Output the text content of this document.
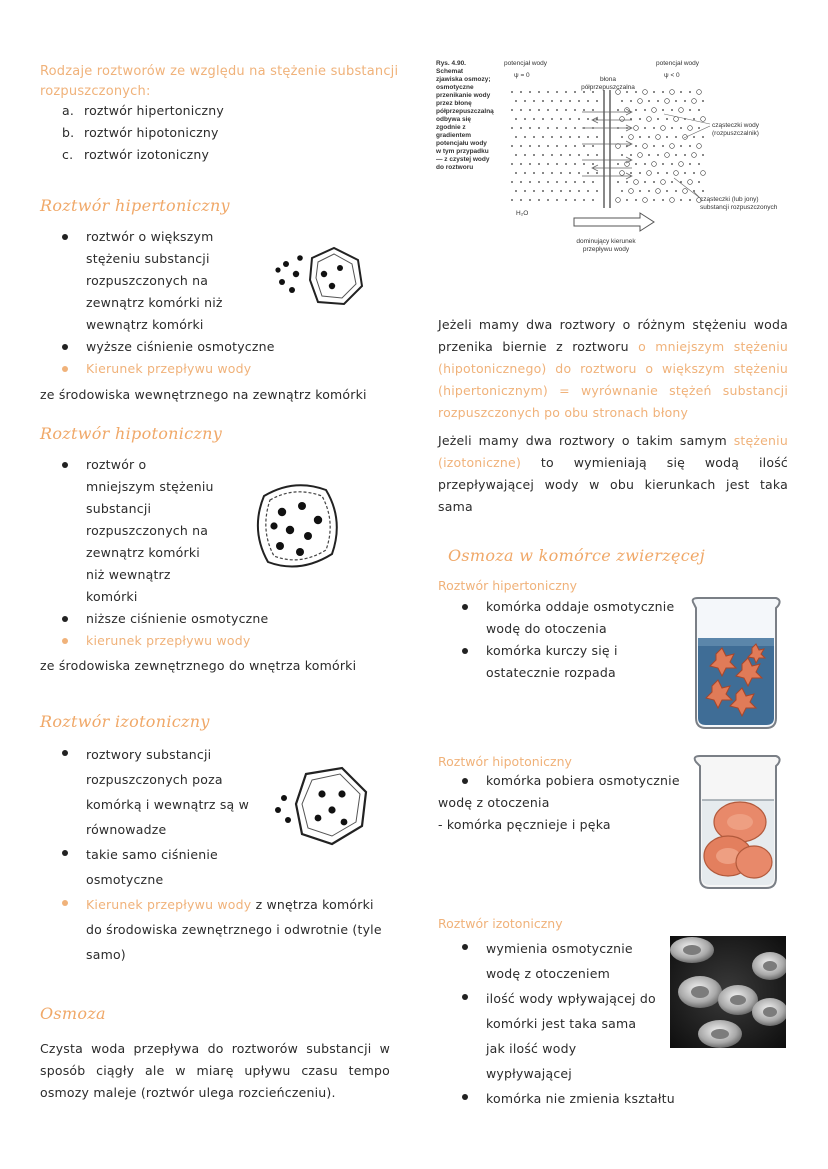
Rodzaje roztworów ze względu na stężenie substancji rozpuszczonych:
a. roztwór hipertoniczny
b. roztwór hipotoniczny
c. roztwór izotoniczny
Roztwór hipertoniczny
roztwór o większym
stężeniu substancji
rozpuszczonych na
zewnątrz komórki niż
wewnątrz komórki
wyższe ciśnienie osmotyczne
Kierunek przepływu wody
ze środowiska wewnętrznego na zewnątrz komórki
Roztwór hipotoniczny
roztwór o
mniejszym stężeniu
substancji
rozpuszczonych na
zewnątrz komórki
niż wewnątrz
komórki
niższe ciśnienie osmotyczne
kierunek przepływu wody
ze środowiska zewnętrznego do wnętrza komórki
Roztwór izotoniczny
roztwory substancji
rozpuszczonych poza
komórką i wewnątrz są w
równowadze
takie samo ciśnienie
osmotyczne
Kierunek przepływu wody z wnętrza komórki
do środowiska zewnętrznego i odwrotnie (tyle
samo)
Osmoza
Czysta woda przepływa do roztworów substancji w
sposób ciągły ale w miarę upływu czasu tempo
osmozy maleje (roztwór ulega rozcieńczeniu).
Rys. 4.90.
Schemat
zjawiska osmozy;
osmotyczne
przenikanie wody
przez błonę
półprzepuszczalną
odbywa się
zgodnie z
gradientem
potencjału wody
w tym przypadku
— z czystej wody
do roztworu
potencjał wody
ψ = 0
błona
półprzepuszczalna
potencjał wody
ψ < 0
cząsteczki wody
(rozpuszczalnik)
cząsteczki (lub jony)
substancji rozpuszczonych
H₂O
dominujący kierunek
przepływu wody
Jeżeli mamy dwa roztwory o różnym stężeniu woda przenika biernie z roztworu o mniejszym stężeniu (hipotonicznego) do roztworu o większym stężeniu (hipertonicznym) = wyrównanie stężeń substancji rozpuszczonych po obu stronach błony
Jeżeli mamy dwa roztwory o takim samym stężeniu (izotoniczne) to wymieniają się wodą ilość przepływającej wody w obu kierunkach jest taka sama
Osmoza w komórce zwierzęcej
Roztwór hipertoniczny
komórka oddaje osmotycznie
wodę do otoczenia
komórka kurczy się i
ostatecznie rozpada
Roztwór hipotoniczny
komórka pobiera osmotycznie
wodę z otoczenia
- komórka pęcznieje i pęka
Roztwór izotoniczny
wymienia osmotycznie
wodę z otoczeniem
ilość wody wpływającej do
komórki jest taka sama
jak ilość wody
wypływającej
komórka nie zmienia kształtu
